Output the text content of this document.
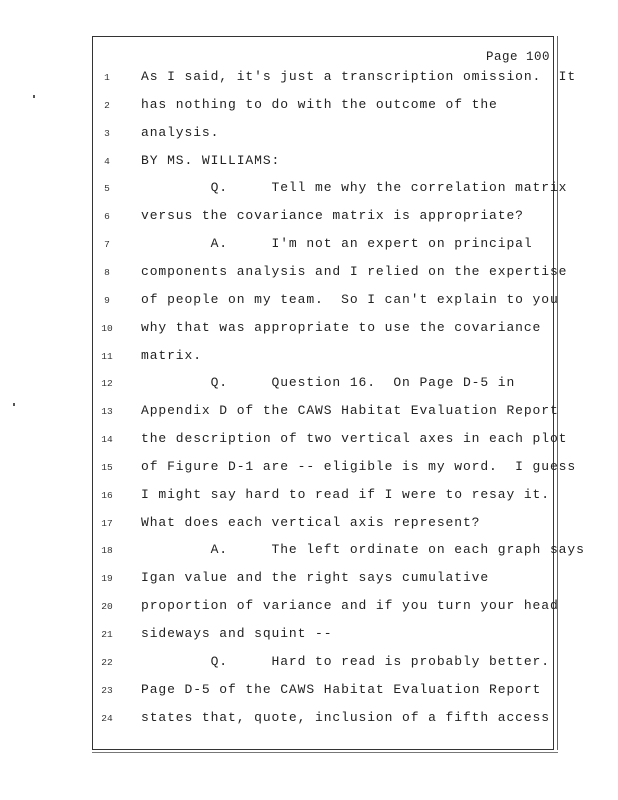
Page 100
1	As I said, it's just a transcription omission.  It
2	has nothing to do with the outcome of the
3	analysis.
4	BY MS. WILLIAMS:
5	Q.     Tell me why the correlation matrix
6	versus the covariance matrix is appropriate?
7	A.     I'm not an expert on principal
8	components analysis and I relied on the expertise
9	of people on my team.  So I can't explain to you
10	why that was appropriate to use the covariance
11	matrix.
12	Q.     Question 16.  On Page D-5 in
13	Appendix D of the CAWS Habitat Evaluation Report
14	the description of two vertical axes in each plot
15	of Figure D-1 are -- eligible is my word.  I guess
16	I might say hard to read if I were to resay it.
17	What does each vertical axis represent?
18	A.     The left ordinate on each graph says
19	Igan value and the right says cumulative
20	proportion of variance and if you turn your head
21	sideways and squint --
22	Q.     Hard to read is probably better.
23	Page D-5 of the CAWS Habitat Evaluation Report
24	states that, quote, inclusion of a fifth access
